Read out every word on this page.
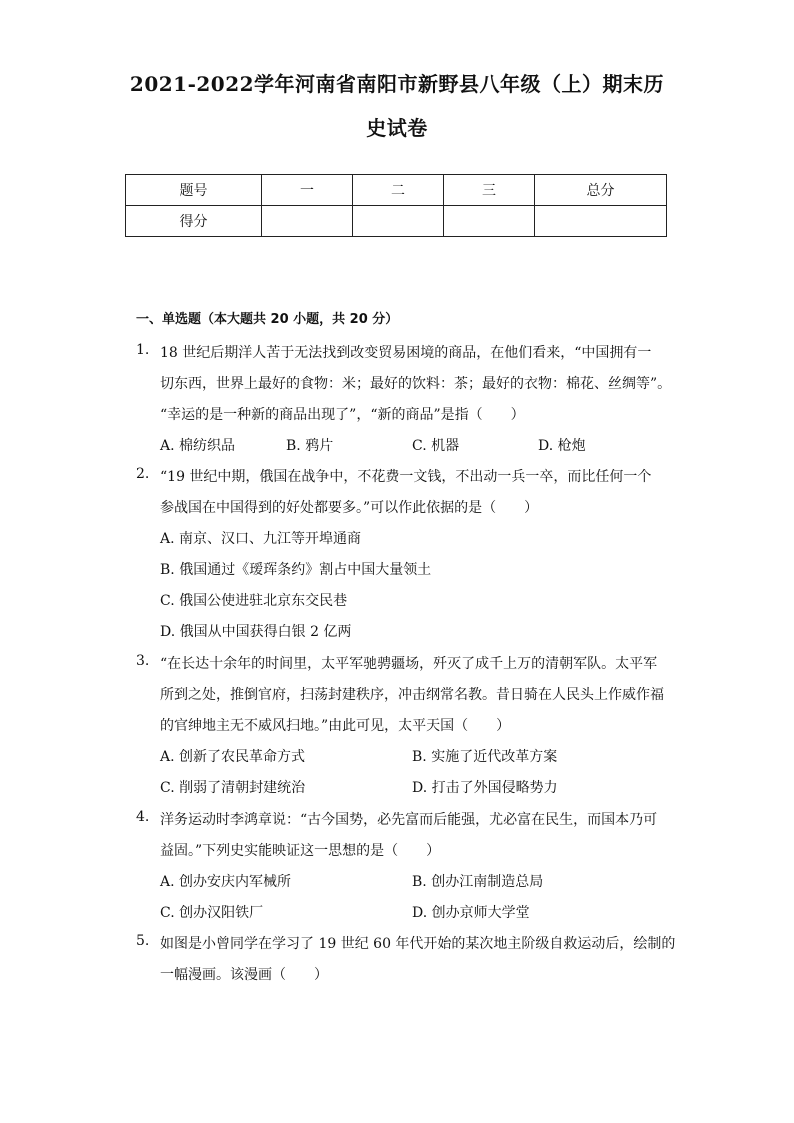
2021-2022学年河南省南阳市新野县八年级（上）期末历
史试卷
题号	一	二	三	总分
得分				
一、单选题（本大题共 20 小题，共 20 分）
1. 18 世纪后期洋人苦于无法找到改变贸易困境的商品，在他们看来，“中国拥有一
切东西，世界上最好的食物：米；最好的饮料：茶；最好的衣物：棉花、丝绸等”。
“幸运的是一种新的商品出现了”，“新的商品”是指（　　）
A. 棉纺织品	B. 鸦片	C. 机器	D. 枪炮
2. “19 世纪中期，俄国在战争中，不花费一文钱，不出动一兵一卒，而比任何一个
参战国在中国得到的好处都要多。”可以作此依据的是（　　）
A. 南京、汉口、九江等开埠通商
B. 俄国通过《瑷珲条约》割占中国大量领土
C. 俄国公使进驻北京东交民巷
D. 俄国从中国获得白银 2 亿两
3. “在长达十余年的时间里，太平军驰骋疆场，歼灭了成千上万的清朝军队。太平军
所到之处，推倒官府，扫荡封建秩序，冲击纲常名教。昔日骑在人民头上作威作福
的官绅地主无不威风扫地。”由此可见，太平天国（　　）
A. 创新了农民革命方式	B. 实施了近代改革方案
C. 削弱了清朝封建统治	D. 打击了外国侵略势力
4. 洋务运动时李鸿章说：“古今国势，必先富而后能强，尤必富在民生，而国本乃可
益固。”下列史实能映证这一思想的是（　　）
A. 创办安庆内军械所	B. 创办江南制造总局
C. 创办汉阳铁厂	D. 创办京师大学堂
5. 如图是小曾同学在学习了 19 世纪 60 年代开始的某次地主阶级自救运动后，绘制的
一幅漫画。该漫画（　　）
